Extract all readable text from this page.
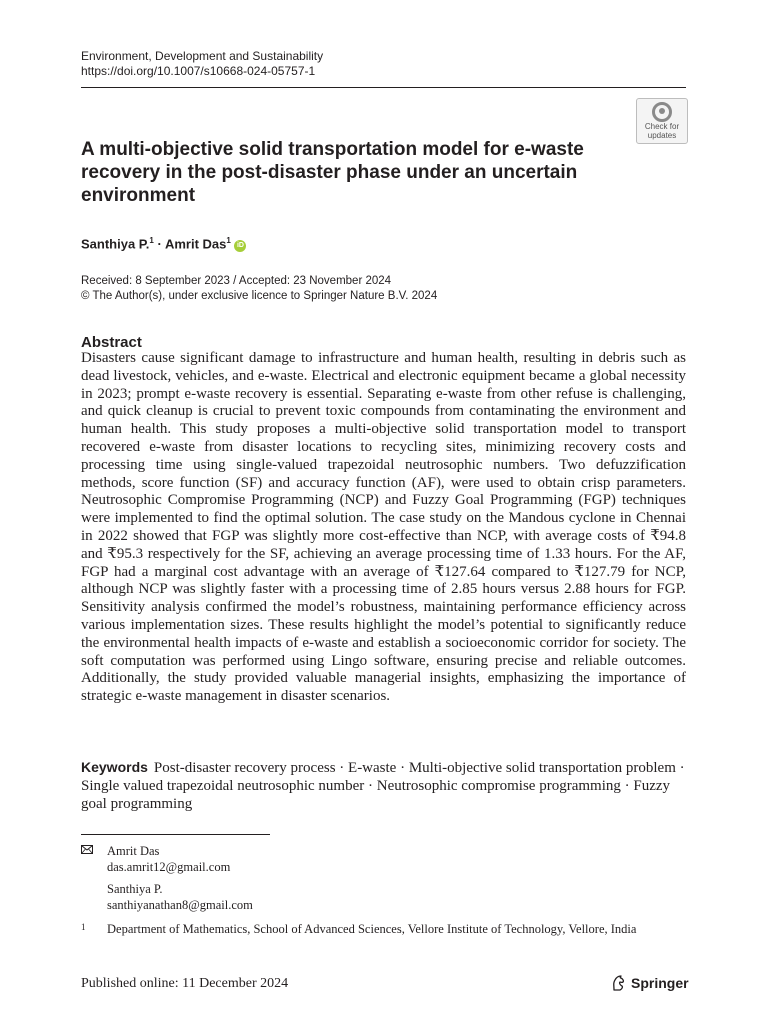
Environment, Development and Sustainability
https://doi.org/10.1007/s10668-024-05757-1
Check for
updates
A multi-objective solid transportation model for e-waste recovery in the post-disaster phase under an uncertain environment
Santhiya P.$^1$ · Amrit Das$^1$ iD
Received: 8 September 2023 / Accepted: 23 November 2024
© The Author(s), under exclusive licence to Springer Nature B.V. 2024
Abstract

Disasters cause significant damage to infrastructure and human health, resulting in debris such as dead livestock, vehicles, and e-waste. Electrical and electronic equipment became a global necessity in 2023; prompt e-waste recovery is essential. Separating e-waste from other refuse is challenging, and quick cleanup is crucial to prevent toxic compounds from contaminating the environment and human health. This study proposes a multi-objective solid transportation model to transport recovered e-waste from disaster locations to recycling sites, minimizing recovery costs and processing time using single-valued trapezoidal neutrosophic numbers. Two defuzzification methods, score function (SF) and accuracy function (AF), were used to obtain crisp parameters. Neutrosophic Compromise Programming (NCP) and Fuzzy Goal Programming (FGP) techniques were implemented to find the optimal solution. The case study on the Mandous cyclone in Chennai in 2022 showed that FGP was slightly more cost-effective than NCP, with average costs of ₹94.8 and ₹95.3 respectively for the SF, achieving an average processing time of 1.33 hours. For the AF, FGP had a marginal cost advantage with an average of ₹127.64 compared to ₹127.79 for NCP, although NCP was slightly faster with a processing time of 2.85 hours versus 2.88 hours for FGP. Sensitivity analysis confirmed the model’s robustness, maintaining performance efficiency across various implementation sizes. These results highlight the model’s potential to significantly reduce the environmental health impacts of e-waste and establish a socioeconomic corridor for society. The soft computation was performed using Lingo software, ensuring precise and reliable outcomes. Additionally, the study provided valuable managerial insights, emphasizing the importance of strategic e-waste management in disaster scenarios.

Keywords Post-disaster recovery process · E-waste · Multi-objective solid transportation problem · Single valued trapezoidal neutrosophic number · Neutrosophic compromise programming · Fuzzy goal programming

Amrit Das
das.amrit12@gmail.com
Santhiya P.
santhiyanathan8@gmail.com
1 Department of Mathematics, School of Advanced Sciences, Vellore Institute of Technology, Vellore, India
Published online: 11 December 2024	Springer
